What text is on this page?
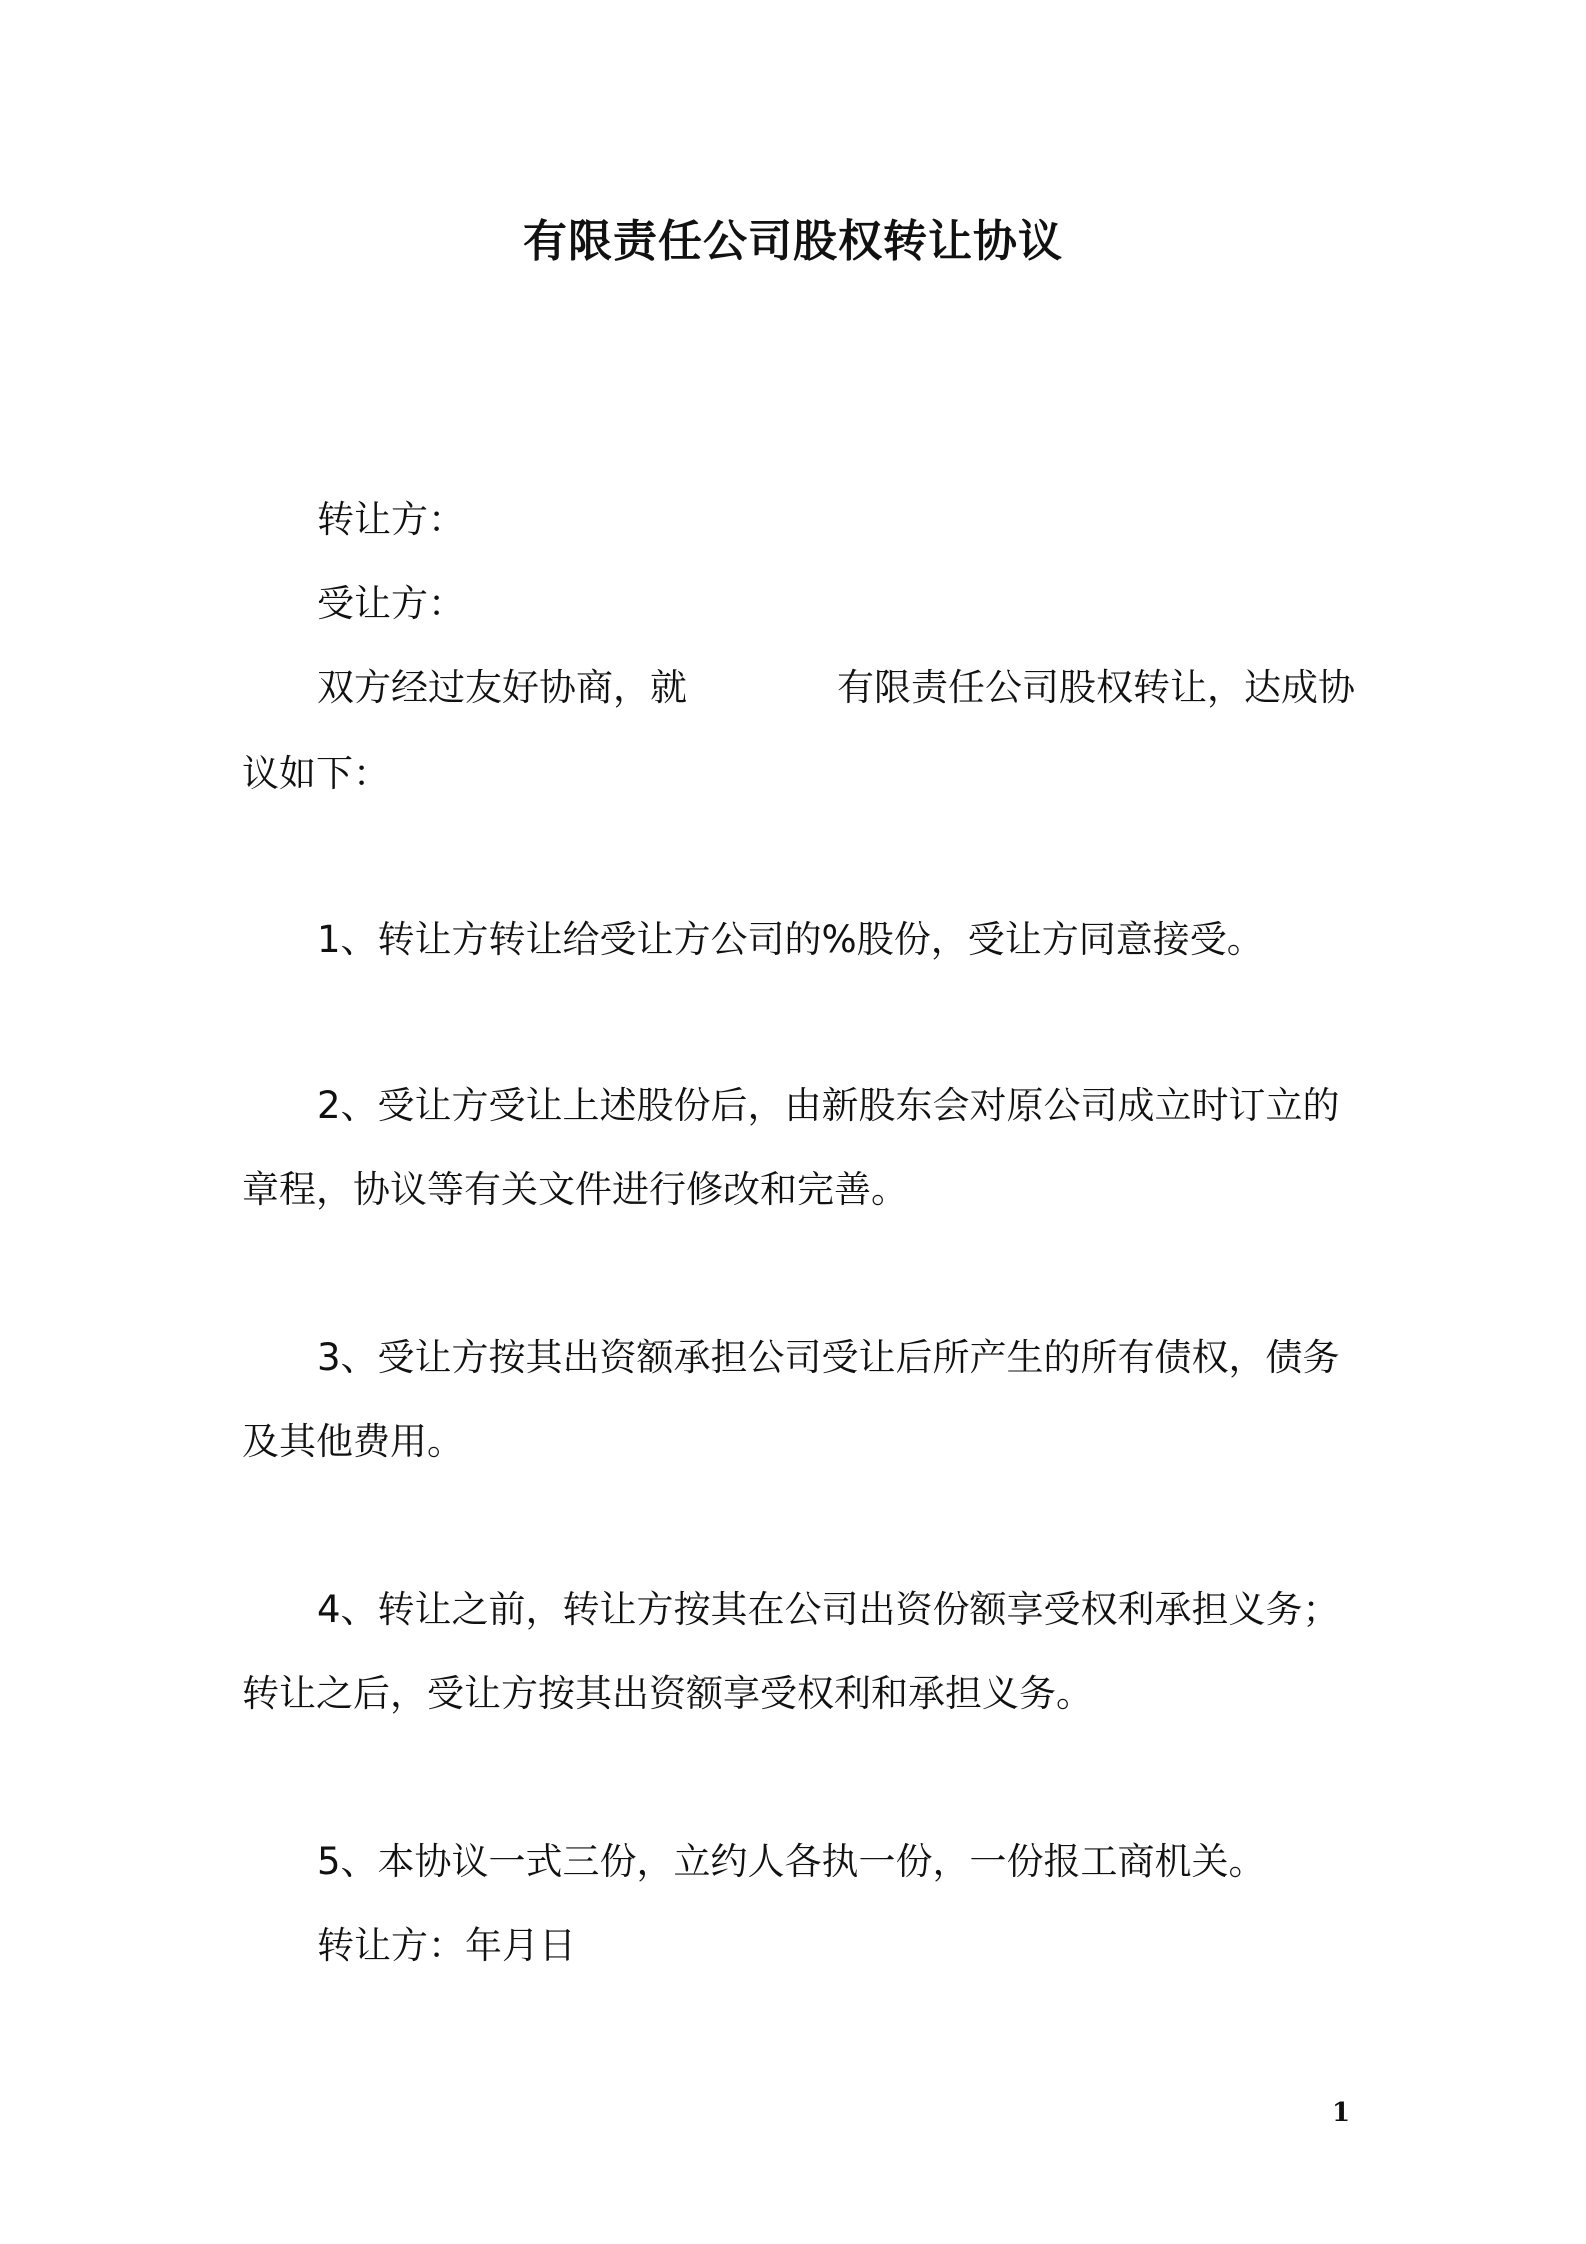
有限责任公司股权转让协议

转让方：

受让方：

双方经过友好协商，就	有限责任公司股权转让，达成协

议如下：

1、转让方转让给受让方公司的%股份，受让方同意接受。

2、受让方受让上述股份后，由新股东会对原公司成立时订立的

章程，协议等有关文件进行修改和完善。

3、受让方按其出资额承担公司受让后所产生的所有债权，债务

及其他费用。

4、转让之前，转让方按其在公司出资份额享受权利承担义务；

转让之后，受让方按其出资额享受权利和承担义务。

5、本协议一式三份，立约人各执一份，一份报工商机关。

转让方：年月日

1
